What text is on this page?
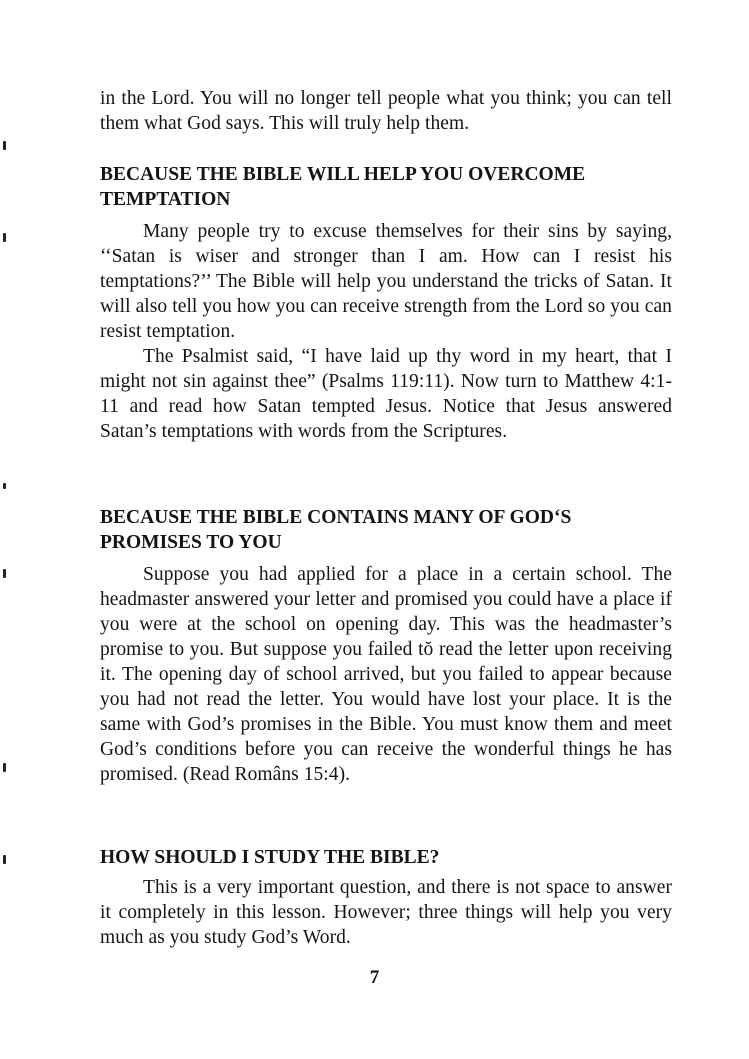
in the Lord. You will no longer tell people what you think; you can tell them what God says. This will truly help them.

BECAUSE THE BIBLE WILL HELP YOU OVERCOME TEMPTATION

Many people try to excuse themselves for their sins by saying, ‘‘Satan is wiser and stronger than I am. How can I resist his temptations?’’ The Bible will help you understand the tricks of Satan. It will also tell you how you can receive strength from the Lord so you can resist temptation.

The Psalmist said, “I have laid up thy word in my heart, that I might not sin against thee” (Psalms 119:11). Now turn to Matthew 4:1-11 and read how Satan tempted Jesus. Notice that Jesus answered Satan’s temptations with words from the Scriptures.

BECAUSE THE BIBLE CONTAINS MANY OF GOD‘S PROMISES TO YOU

Suppose you had applied for a place in a certain school. The headmaster answered your letter and promised you could have a place if you were at the school on opening day. This was the headmaster’s promise to you. But suppose you failed tŏ read the letter upon receiving it. The opening day of school arrived, but you failed to appear because you had not read the letter. You would have lost your place. It is the same with God’s promises in the Bible. You must know them and meet God’s conditions before you can receive the wonderful things he has promised. (Read Româns 15:4).

HOW SHOULD I STUDY THE BIBLE?

This is a very important question, and there is not space to answer it completely in this lesson. However; three things will help you very much as you study God’s Word.

7
